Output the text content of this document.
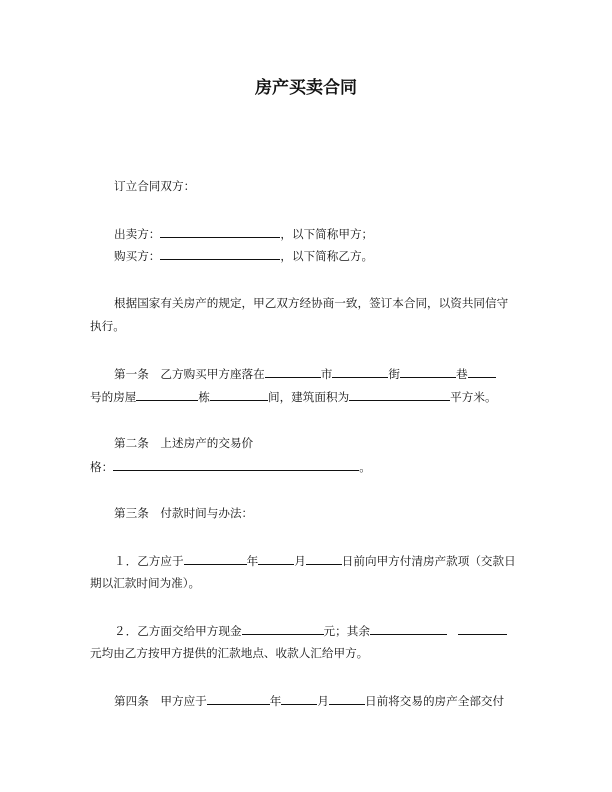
房产买卖合同
订立合同双方：
出卖方：	，以下简称甲方；
购买方：	，以下简称乙方。
根据国家有关房产的规定，甲乙双方经协商一致，签订本合同，以资共同信守
执行。
第一条　乙方购买甲方座落在	市	街	巷
号的房屋	栋	间，建筑面积为	平方米。
第二条　上述房产的交易价
格：	。
第三条　付款时间与办法：
１．乙方应于	年	月	日前向甲方付清房产款项（交款日
期以汇款时间为准）。
２．乙方面交给甲方现金	元；其余
元均由乙方按甲方提供的汇款地点、收款人汇给甲方。
第四条　甲方应于	年	月	日前将交易的房产全部交付
